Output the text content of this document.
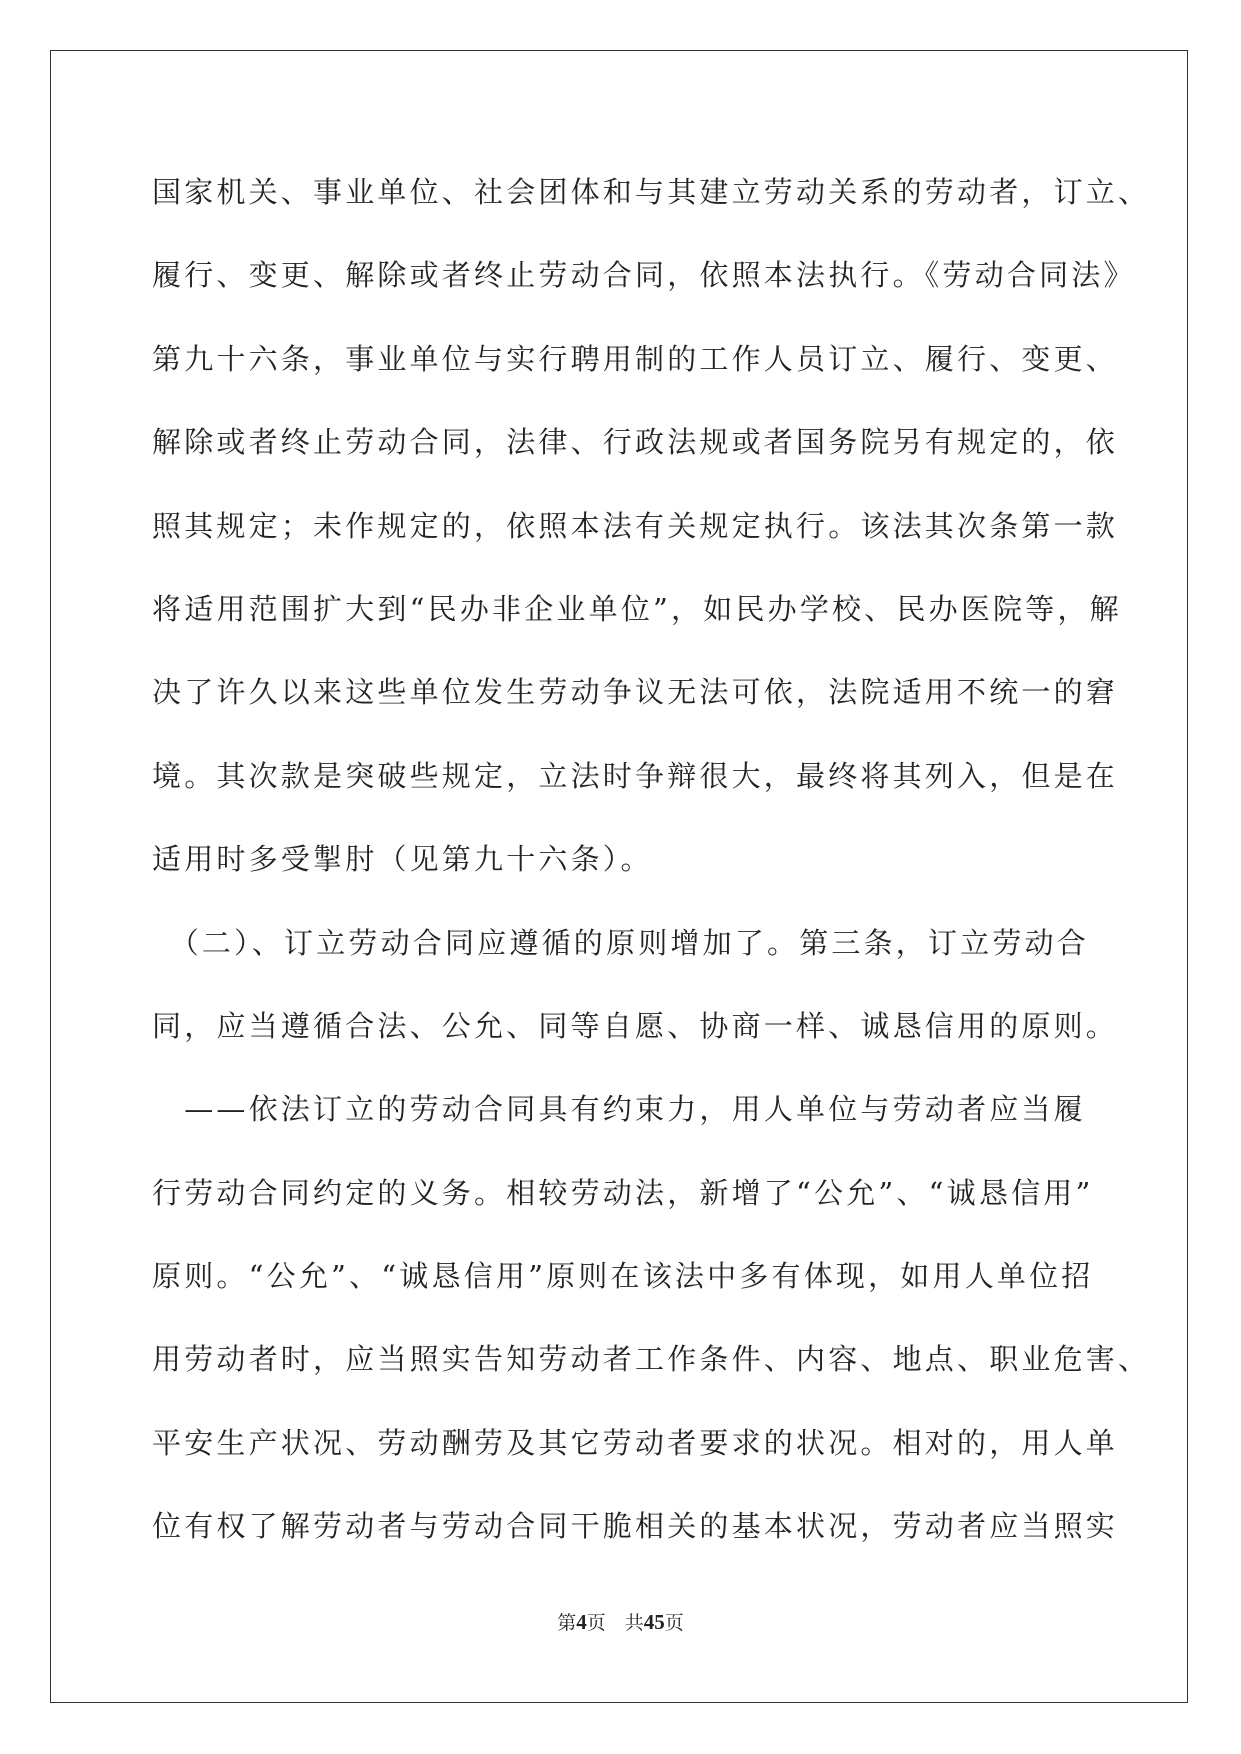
国家机关、事业单位、社会团体和与其建立劳动关系的劳动者，订立、

履行、变更、解除或者终止劳动合同，依照本法执行。《劳动合同法》

第九十六条，事业单位与实行聘用制的工作人员订立、履行、变更、

解除或者终止劳动合同，法律、行政法规或者国务院另有规定的，依

照其规定；未作规定的，依照本法有关规定执行。该法其次条第一款

将适用范围扩大到“民办非企业单位”，如民办学校、民办医院等，解

决了许久以来这些单位发生劳动争议无法可依，法院适用不统一的窘

境。其次款是突破些规定，立法时争辩很大，最终将其列入，但是在

适用时多受掣肘（见第九十六条）。

　（二）、订立劳动合同应遵循的原则增加了。第三条，订立劳动合

同，应当遵循合法、公允、同等自愿、协商一样、诚恳信用的原则。

　——依法订立的劳动合同具有约束力，用人单位与劳动者应当履

行劳动合同约定的义务。相较劳动法，新增了“公允”、“诚恳信用”

原则。“公允”、“诚恳信用”原则在该法中多有体现，如用人单位招

用劳动者时，应当照实告知劳动者工作条件、内容、地点、职业危害、

平安生产状况、劳动酬劳及其它劳动者要求的状况。相对的，用人单

位有权了解劳动者与劳动合同干脆相关的基本状况，劳动者应当照实

第4页　共45页
